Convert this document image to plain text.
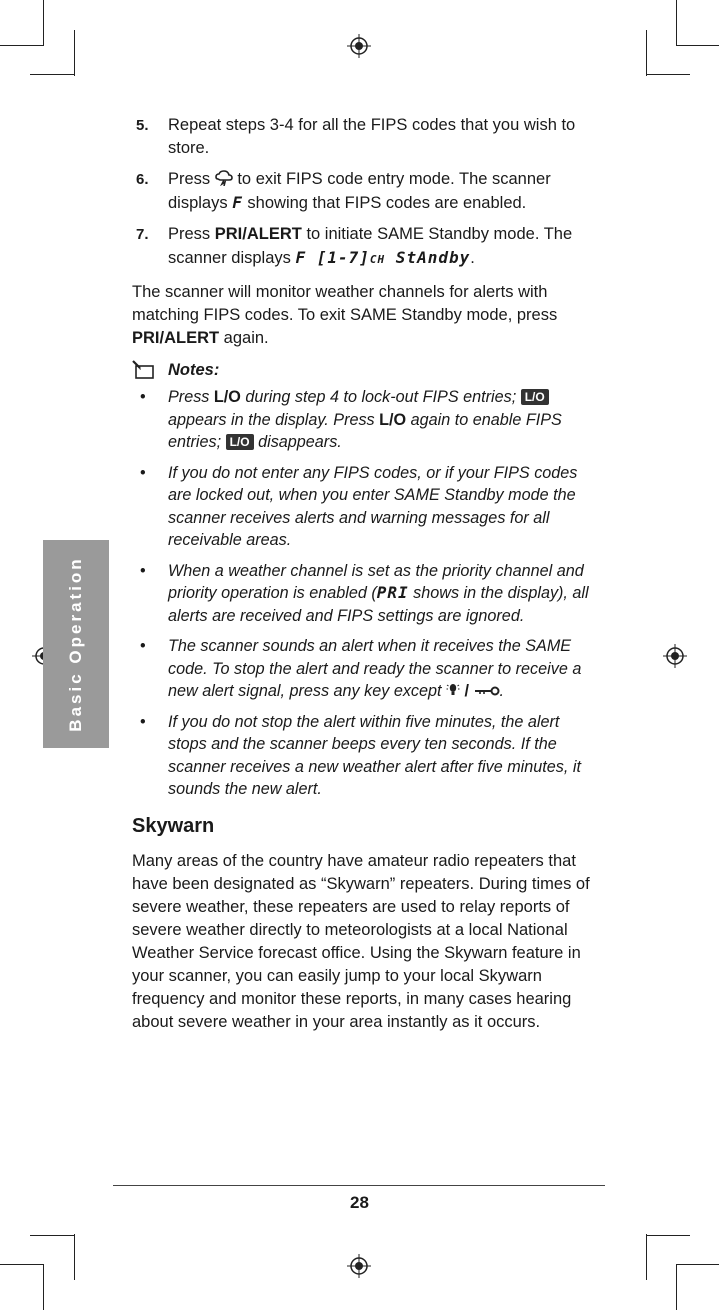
Basic Operation
5. Repeat steps 3-4 for all the FIPS codes that you wish to store.
6. Press  to exit FIPS code entry mode. The scanner displays F showing that FIPS codes are enabled.
7. Press PRI/ALERT to initiate SAME Standby mode. The scanner displays F [1-7]CH StAndby.
The scanner will monitor weather channels for alerts with matching FIPS codes. To exit SAME Standby mode, press PRI/ALERT again.
Notes:
• Press L/O during step 4 to lock-out FIPS entries; L/O appears in the display. Press L/O again to enable FIPS entries; L/O disappears.
• If you do not enter any FIPS codes, or if your FIPS codes are locked out, when you enter SAME Standby mode the scanner receives alerts and warning messages for all receivable areas.
• When a weather channel is set as the priority channel and priority operation is enabled (PRI shows in the display), all alerts are received and FIPS settings are ignored.
• The scanner sounds an alert when it receives the SAME code. To stop the alert and ready the scanner to receive a new alert signal, press any key except  / .
• If you do not stop the alert within five minutes, the alert stops and the scanner beeps every ten seconds. If the scanner receives a new weather alert after five minutes, it sounds the new alert.
Skywarn
Many areas of the country have amateur radio repeaters that have been designated as “Skywarn” repeaters. During times of severe weather, these repeaters are used to relay reports of severe weather directly to meteorologists at a local National Weather Service forecast office. Using the Skywarn feature in your scanner, you can easily jump to your local Skywarn frequency and monitor these reports, in many cases hearing about severe weather in your area instantly as it occurs.
28
